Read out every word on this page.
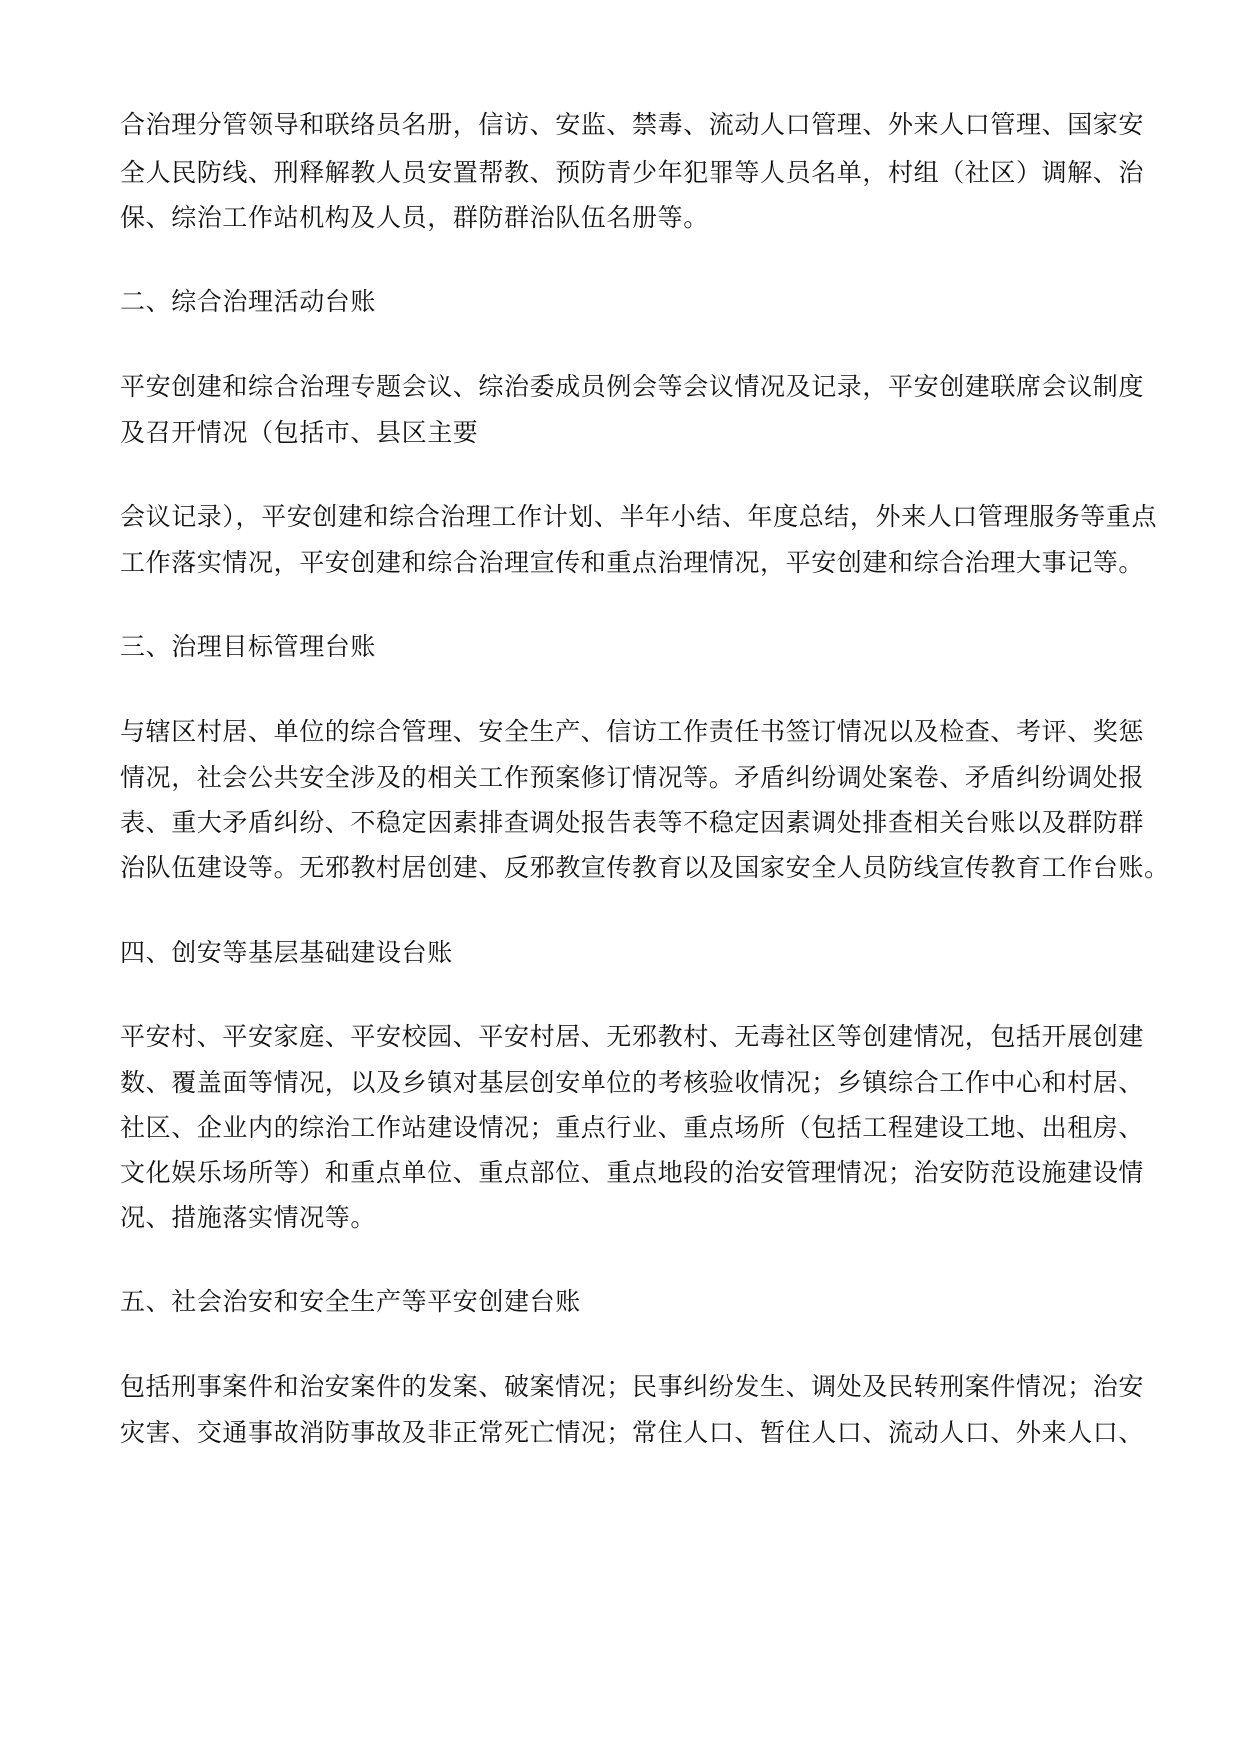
合治理分管领导和联络员名册，信访、安监、禁毒、流动人口管理、外来人口管理、国家安
全人民防线、刑释解教人员安置帮教、预防青少年犯罪等人员名单，村组（社区）调解、治
保、综治工作站机构及人员，群防群治队伍名册等。
二、综合治理活动台账
平安创建和综合治理专题会议、综治委成员例会等会议情况及记录，平安创建联席会议制度
及召开情况（包括市、县区主要
会议记录），平安创建和综合治理工作计划、半年小结、年度总结，外来人口管理服务等重点
工作落实情况，平安创建和综合治理宣传和重点治理情况，平安创建和综合治理大事记等。
三、治理目标管理台账
与辖区村居、单位的综合管理、安全生产、信访工作责任书签订情况以及检查、考评、奖惩
情况，社会公共安全涉及的相关工作预案修订情况等。矛盾纠纷调处案卷、矛盾纠纷调处报
表、重大矛盾纠纷、不稳定因素排查调处报告表等不稳定因素调处排查相关台账以及群防群
治队伍建设等。无邪教村居创建、反邪教宣传教育以及国家安全人员防线宣传教育工作台账。
四、创安等基层基础建设台账
平安村、平安家庭、平安校园、平安村居、无邪教村、无毒社区等创建情况，包括开展创建
数、覆盖面等情况，以及乡镇对基层创安单位的考核验收情况；乡镇综合工作中心和村居、
社区、企业内的综治工作站建设情况；重点行业、重点场所（包括工程建设工地、出租房、
文化娱乐场所等）和重点单位、重点部位、重点地段的治安管理情况；治安防范设施建设情
况、措施落实情况等。
五、社会治安和安全生产等平安创建台账
包括刑事案件和治安案件的发案、破案情况；民事纠纷发生、调处及民转刑案件情况；治安
灾害、交通事故消防事故及非正常死亡情况；常住人口、暂住人口、流动人口、外来人口、
